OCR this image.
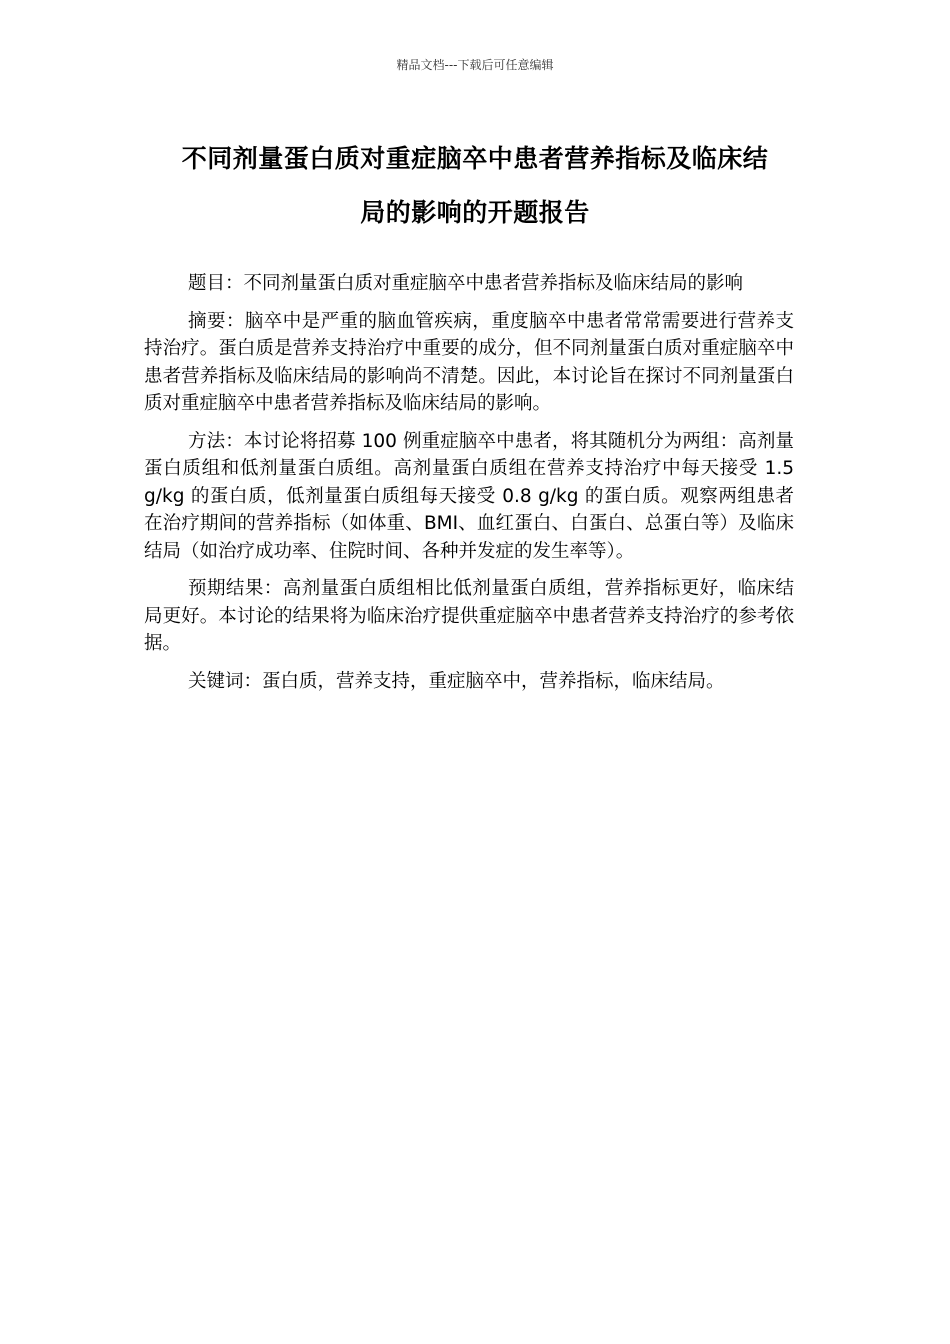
精品文档---下载后可任意编辑
不同剂量蛋白质对重症脑卒中患者营养指标及临床结
局的影响的开题报告

题目：不同剂量蛋白质对重症脑卒中患者营养指标及临床结局的影响

摘要：脑卒中是严重的脑血管疾病，重度脑卒中患者常常需要进行营养支持治疗。蛋白质是营养支持治疗中重要的成分，但不同剂量蛋白质对重症脑卒中患者营养指标及临床结局的影响尚不清楚。因此，本讨论旨在探讨不同剂量蛋白质对重症脑卒中患者营养指标及临床结局的影响。

方法：本讨论将招募 100 例重症脑卒中患者，将其随机分为两组：高剂量蛋白质组和低剂量蛋白质组。高剂量蛋白质组在营养支持治疗中每天接受 1.5 g/kg 的蛋白质，低剂量蛋白质组每天接受 0.8 g/kg 的蛋白质。观察两组患者在治疗期间的营养指标（如体重、BMI、血红蛋白、白蛋白、总蛋白等）及临床结局（如治疗成功率、住院时间、各种并发症的发生率等）。

预期结果：高剂量蛋白质组相比低剂量蛋白质组，营养指标更好，临床结局更好。本讨论的结果将为临床治疗提供重症脑卒中患者营养支持治疗的参考依据。

关键词：蛋白质，营养支持，重症脑卒中，营养指标，临床结局。
